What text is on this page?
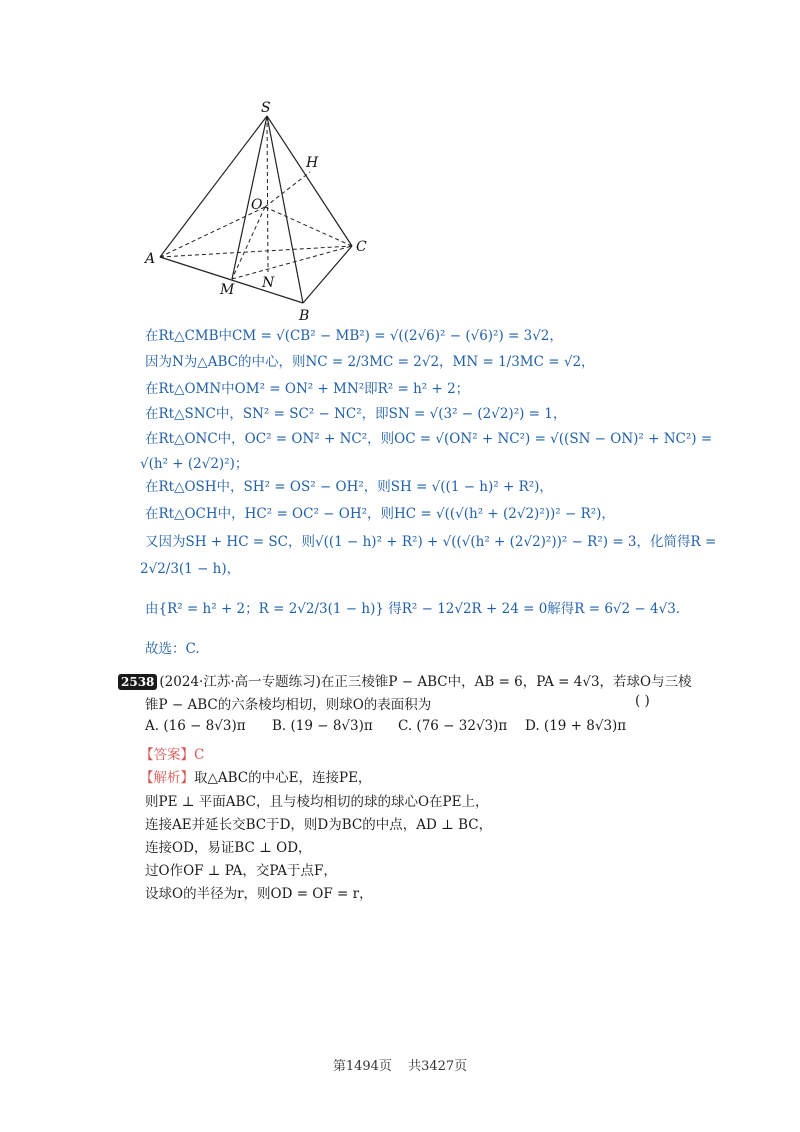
S
H
O
C
A
M N
B
在Rt△CMB中CM = √(CB² − MB²) = √((2√6)² − (√6)²) = 3√2，
因为N为△ABC的中心，则NC = 2/3MC = 2√2，MN = 1/3MC = √2，
在Rt△OMN中OM² = ON² + MN²即R² = h² + 2；
在Rt△SNC中，SN² = SC² − NC²，即SN = √(3² − (2√2)²) = 1，
在Rt△ONC中，OC² = ON² + NC²，则OC = √(ON² + NC²) = √((SN − ON)² + NC²) =
√(h² + (2√2)²)；
在Rt△OSH中，SH² = OS² − OH²，则SH = √((1 − h)² + R²)，
在Rt△OCH中，HC² = OC² − OH²，则HC = √((√(h² + (2√2)²))² − R²)，
又因为SH + HC = SC，则√((1 − h)² + R²) + √((√(h² + (2√2)²))² − R²) = 3，化简得R =
2√2/3(1 − h)，
由{R² = h² + 2；R = 2√2/3(1 − h)} 得R² − 12√2R + 24 = 0解得R = 6√2 − 4√3.
故选：C.
2538 (2024·江苏·高一专题练习)在正三棱锥P − ABC中，AB = 6，PA = 4√3，若球O与三棱
锥P − ABC的六条棱均相切，则球O的表面积为	( )
A. (16 − 8√3)π B. (19 − 8√3)π C. (76 − 32√3)π D. (19 + 8√3)π
【答案】C
【解析】取△ABC的中心E，连接PE，
则PE ⊥ 平面ABC，且与棱均相切的球的球心O在PE上，
连接AE并延长交BC于D，则D为BC的中点，AD ⊥ BC，
连接OD，易证BC ⊥ OD，
过O作OF ⊥ PA，交PA于点F，
设球O的半径为r，则OD = OF = r，
第1494页 共3427页
